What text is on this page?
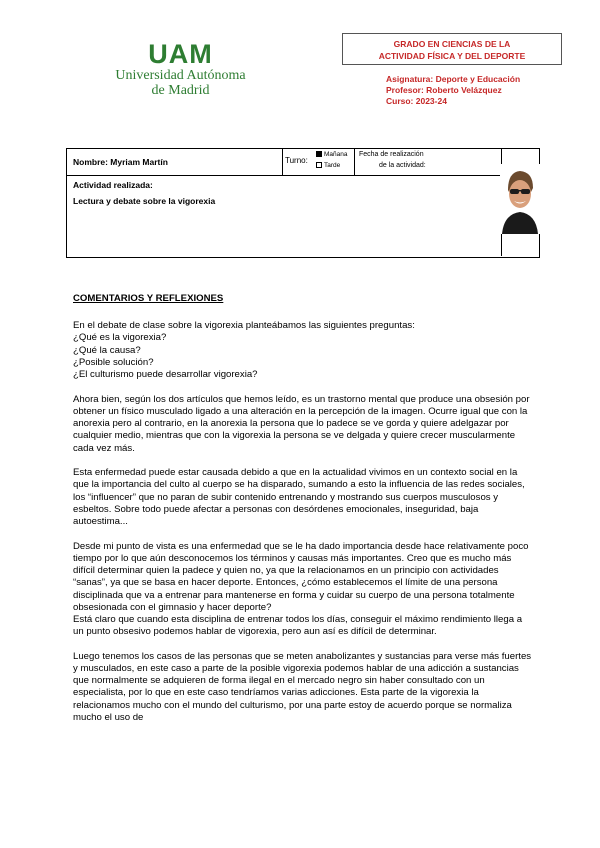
UAM
Universidad Autónoma
de Madrid
GRADO EN CIENCIAS DE LA
ACTIVIDAD FÍSICA Y DEL DEPORTE
Asignatura: Deporte y Educación
Profesor: Roberto Velázquez
Curso: 2023-24
Nombre: Myriam Martín	Turno:
Mañana
Tarde
Fecha de realización
de la actividad:
Actividad realizada:
Lectura y debate sobre la vigorexia
COMENTARIOS Y REFLEXIONES

En el debate de clase sobre la vigorexia planteábamos las siguientes preguntas:
¿Qué es la vigorexia?
¿Qué la causa?
¿Posible solución?
¿El culturismo puede desarrollar vigorexia?

Ahora bien, según los dos artículos que hemos leído, es un trastorno mental que produce una obsesión por obtener un físico musculado ligado a una alteración en la percepción de la imagen. Ocurre igual que con la anorexia pero al contrario, en la anorexia la persona que lo padece se ve gorda y quiere adelgazar por cualquier medio, mientras que con la vigorexia la persona se ve delgada y quiere crecer muscularmente cada vez más.

Esta enfermedad puede estar causada debido a que en la actualidad vivimos en un contexto social en la que la importancia del culto al cuerpo se ha disparado, sumando a esto la influencia de las redes sociales, los “influencer” que no paran de subir contenido entrenando y mostrando sus cuerpos musculosos y esbeltos. Sobre todo puede afectar a personas con desórdenes emocionales, inseguridad, baja autoestima...

Desde mi punto de vista es una enfermedad que se le ha dado importancia desde hace relativamente poco tiempo por lo que aún desconocemos los términos y causas más importantes. Creo que es mucho más difícil determinar quien la padece y quien no, ya que la relacionamos en un principio con actividades “sanas”, ya que se basa en hacer deporte. Entonces, ¿cómo establecemos el límite de una persona disciplinada que va a entrenar para mantenerse en forma y cuidar su cuerpo de una persona totalmente obsesionada con el gimnasio y hacer deporte?
Está claro que cuando esta disciplina de entrenar todos los días, conseguir el máximo rendimiento llega a un punto obsesivo podemos hablar de vigorexia, pero aun así es difícil de determinar.

Luego tenemos los casos de las personas que se meten anabolizantes y sustancias para verse más fuertes y musculados, en este caso a parte de la posible vigorexia podemos hablar de una adicción a sustancias que normalmente se adquieren de forma ilegal en el mercado negro sin haber consultado con un especialista, por lo que en este caso tendríamos varias adicciones. Esta parte de la vigorexia la relacionamos mucho con el mundo del culturismo, por una parte estoy de acuerdo porque se normaliza mucho el uso de
